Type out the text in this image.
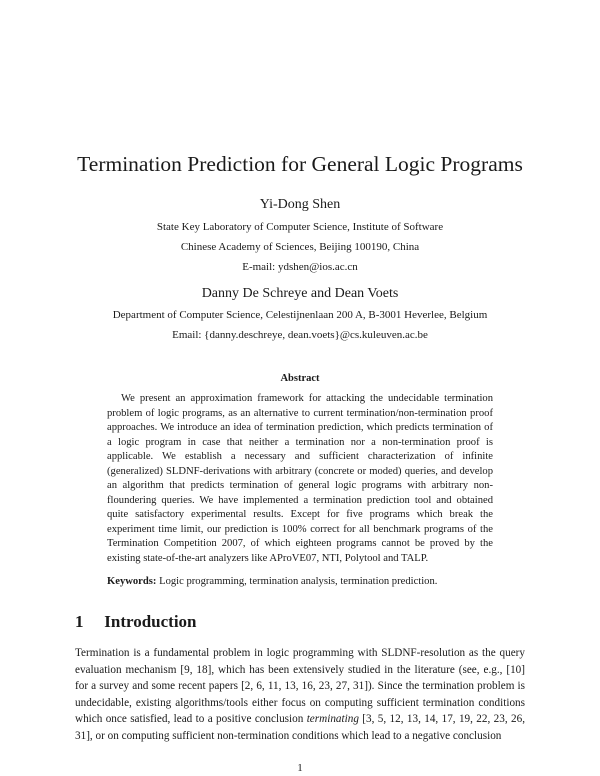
Termination Prediction for General Logic Programs
Yi-Dong Shen
State Key Laboratory of Computer Science, Institute of Software
Chinese Academy of Sciences, Beijing 100190, China
E-mail: ydshen@ios.ac.cn
Danny De Schreye and Dean Voets
Department of Computer Science, Celestijnenlaan 200 A, B-3001 Heverlee, Belgium
Email: {danny.deschreye, dean.voets}@cs.kuleuven.ac.be
Abstract
We present an approximation framework for attacking the undecidable termination problem of logic programs, as an alternative to current termination/non-termination proof approaches. We introduce an idea of termination prediction, which predicts termination of a logic program in case that neither a termination nor a non-termination proof is applicable. We establish a necessary and sufficient characterization of infinite (generalized) SLDNF-derivations with arbitrary (concrete or moded) queries, and develop an algorithm that predicts termination of general logic programs with arbitrary non-floundering queries. We have implemented a termination prediction tool and obtained quite satisfactory experimental results. Except for five programs which break the experiment time limit, our prediction is 100% correct for all benchmark programs of the Termination Competition 2007, of which eighteen programs cannot be proved by the existing state-of-the-art analyzers like AProVE07, NTI, Polytool and TALP.
Keywords: Logic programming, termination analysis, termination prediction.
1 Introduction
Termination is a fundamental problem in logic programming with SLDNF-resolution as the query evaluation mechanism [9, 18], which has been extensively studied in the literature (see, e.g., [10] for a survey and some recent papers [2, 6, 11, 13, 16, 23, 27, 31]). Since the termination problem is undecidable, existing algorithms/tools either focus on computing sufficient termination conditions which once satisfied, lead to a positive conclusion terminating [3, 5, 12, 13, 14, 17, 19, 22, 23, 26, 31], or on computing sufficient non-termination conditions which lead to a negative conclusion
1
